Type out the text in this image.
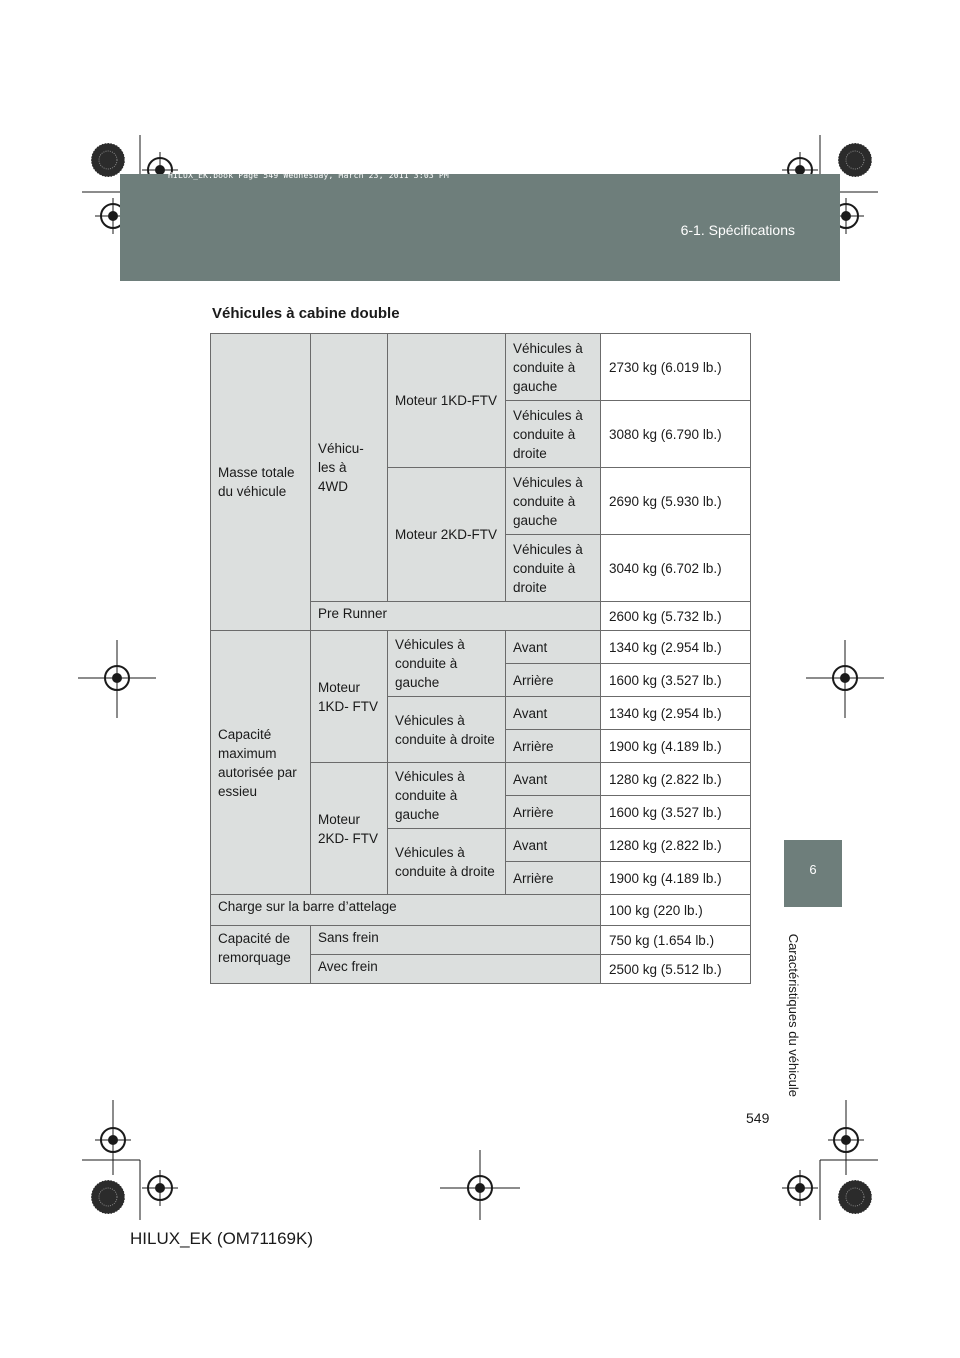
HILUX_EK.book Page 549 Wednesday, March 23, 2011 3:03 PM
6-1. Spécifications
Véhicules à cabine double
Masse totale du véhicule	Véhicu- les à 4WD	Moteur 1KD-FTV	Véhicules à conduite à gauche	2730 kg (6.019 lb.)
			Véhicules à conduite à droite	3080 kg (6.790 lb.)
		Moteur 2KD-FTV	Véhicules à conduite à gauche	2690 kg (5.930 lb.)
			Véhicules à conduite à droite	3040 kg (6.702 lb.)
	Pre Runner			2600 kg (5.732 lb.)
Capacité maximum autorisée par essieu	Moteur 1KD- FTV	Véhicules à conduite à gauche	Avant	1340 kg (2.954 lb.)
			Arrière	1600 kg (3.527 lb.)
		Véhicules à conduite à droite	Avant	1340 kg (2.954 lb.)
			Arrière	1900 kg (4.189 lb.)
	Moteur 2KD- FTV	Véhicules à conduite à gauche	Avant	1280 kg (2.822 lb.)
			Arrière	1600 kg (3.527 lb.)
		Véhicules à conduite à droite	Avant	1280 kg (2.822 lb.)
			Arrière	1900 kg (4.189 lb.)
Charge sur la barre d’attelage				100 kg (220 lb.)
Capacité de remorquage	Sans frein			750 kg (1.654 lb.)
	Avec frein			2500 kg (5.512 lb.)
6
Caractéristiques du véhicule
549
HILUX_EK (OM71169K)
